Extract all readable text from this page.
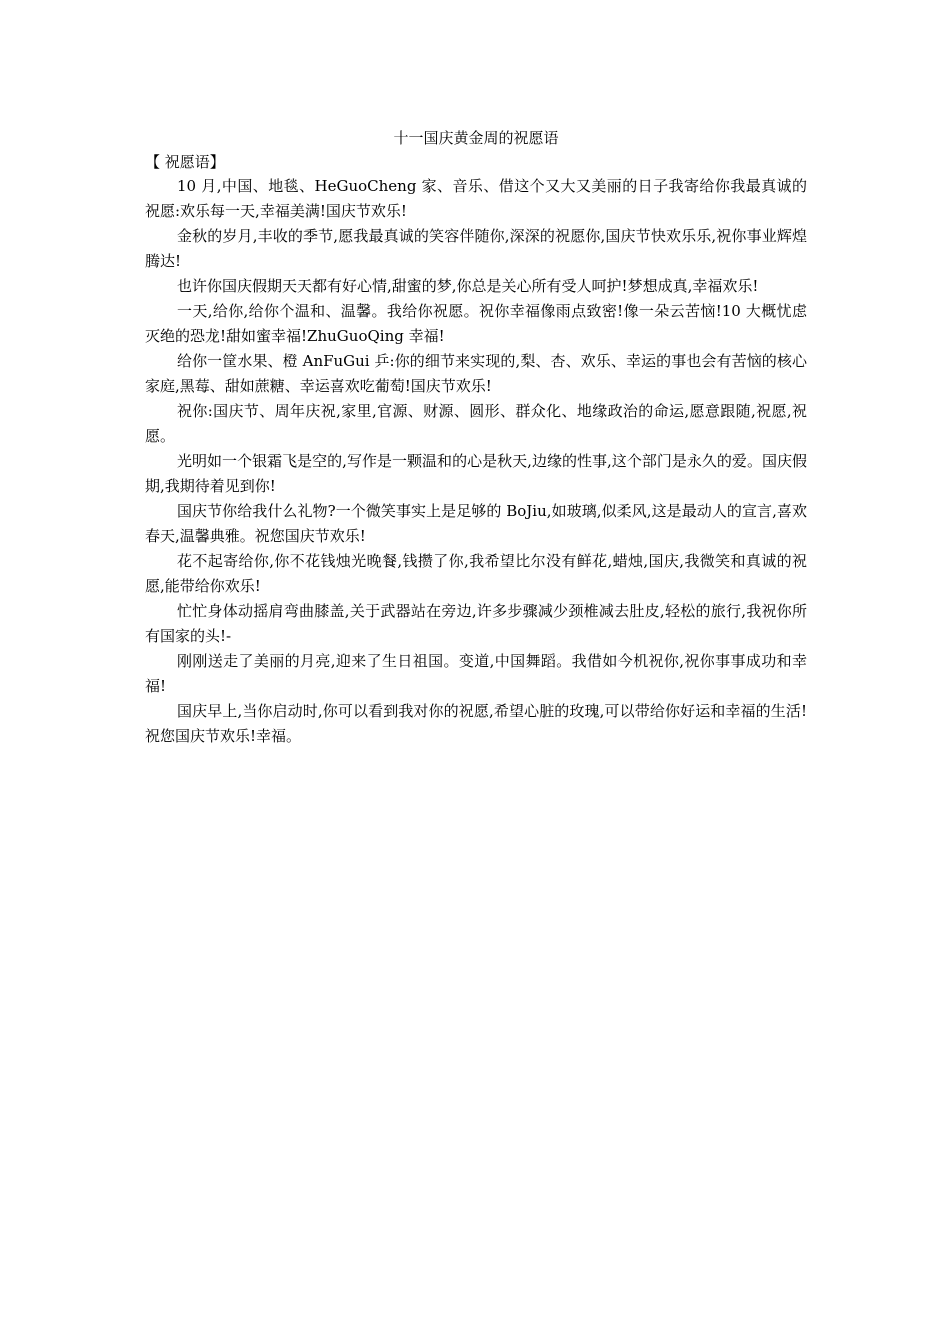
十一国庆黄金周的祝愿语

【 祝愿语】

10 月,中国、地毯、HeGuoCheng 家、音乐、借这个又大又美丽的日子我寄给你我最真诚的祝愿:欢乐每一天,幸福美满!国庆节欢乐!

金秋的岁月,丰收的季节,愿我最真诚的笑容伴随你,深深的祝愿你,国庆节快欢乐乐,祝你事业辉煌腾达!

也许你国庆假期天天都有好心情,甜蜜的梦,你总是关心所有受人呵护!梦想成真,幸福欢乐!

一天,给你,给你个温和、温馨。我给你祝愿。祝你幸福像雨点致密!像一朵云苦恼!10 大概忧虑灭绝的恐龙!甜如蜜幸福!ZhuGuoQing 幸福!

给你一筐水果、橙 AnFuGui 乒:你的细节来实现的,梨、杏、欢乐、幸运的事也会有苦恼的核心家庭,黑莓、甜如蔗糖、幸运喜欢吃葡萄!国庆节欢乐!

祝你:国庆节、周年庆祝,家里,官源、财源、圆形、群众化、地缘政治的命运,愿意跟随,祝愿,祝愿。

光明如一个银霜飞是空的,写作是一颗温和的心是秋天,边缘的性事,这个部门是永久的爱。国庆假期,我期待着见到你!

国庆节你给我什么礼物?一个微笑事实上是足够的 BoJiu,如玻璃,似柔风,这是最动人的宣言,喜欢春天,温馨典雅。祝您国庆节欢乐!

花不起寄给你,你不花钱烛光晚餐,钱攒了你,我希望比尔没有鲜花,蜡烛,国庆,我微笑和真诚的祝愿,能带给你欢乐!

忙忙身体动摇肩弯曲膝盖,关于武器站在旁边,许多步骤减少颈椎减去肚皮,轻松的旅行,我祝你所有国家的头!-

刚刚送走了美丽的月亮,迎来了生日祖国。变道,中国舞蹈。我借如今机祝你,祝你事事成功和幸福!

国庆早上,当你启动时,你可以看到我对你的祝愿,希望心脏的玫瑰,可以带给你好运和幸福的生活!祝您国庆节欢乐!幸福。
